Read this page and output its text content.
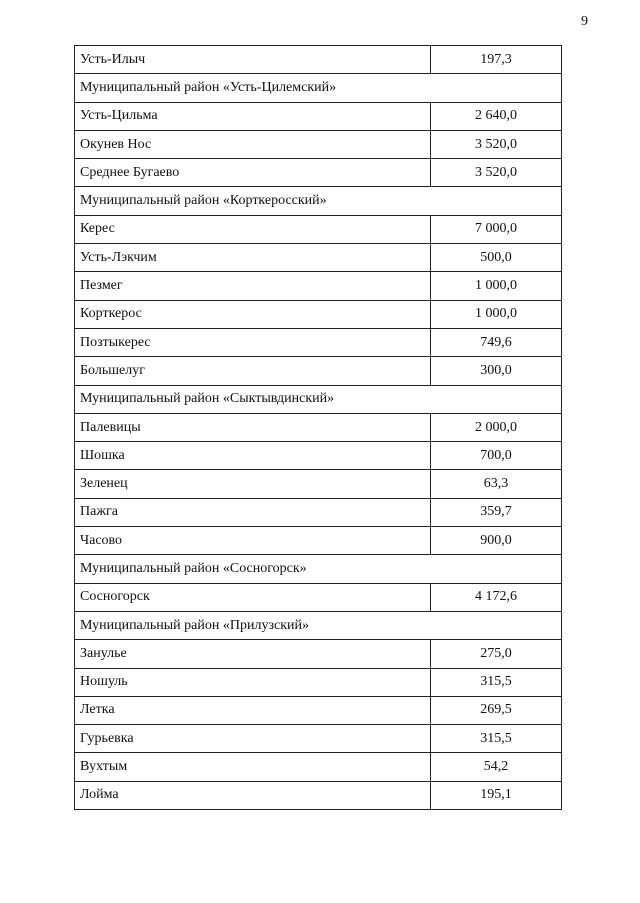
9
Усть-Илыч	197,3
Муниципальный район «Усть-Цилемский»	
Усть-Цильма	2 640,0
Окунев Нос	3 520,0
Среднее Бугаево	3 520,0
Муниципальный район «Корткеросский»	
Керес	7 000,0
Усть-Лэкчим	500,0
Пезмег	1 000,0
Корткерос	1 000,0
Позтыкерес	749,6
Большелуг	300,0
Муниципальный район «Сыктывдинский»	
Палевицы	2 000,0
Шошка	700,0
Зеленец	63,3
Пажга	359,7
Часово	900,0
Муниципальный район «Сосногорск»	
Сосногорск	4 172,6
Муниципальный район «Прилузский»	
Занулье	275,0
Ношуль	315,5
Летка	269,5
Гурьевка	315,5
Вухтым	54,2
Лойма	195,1
